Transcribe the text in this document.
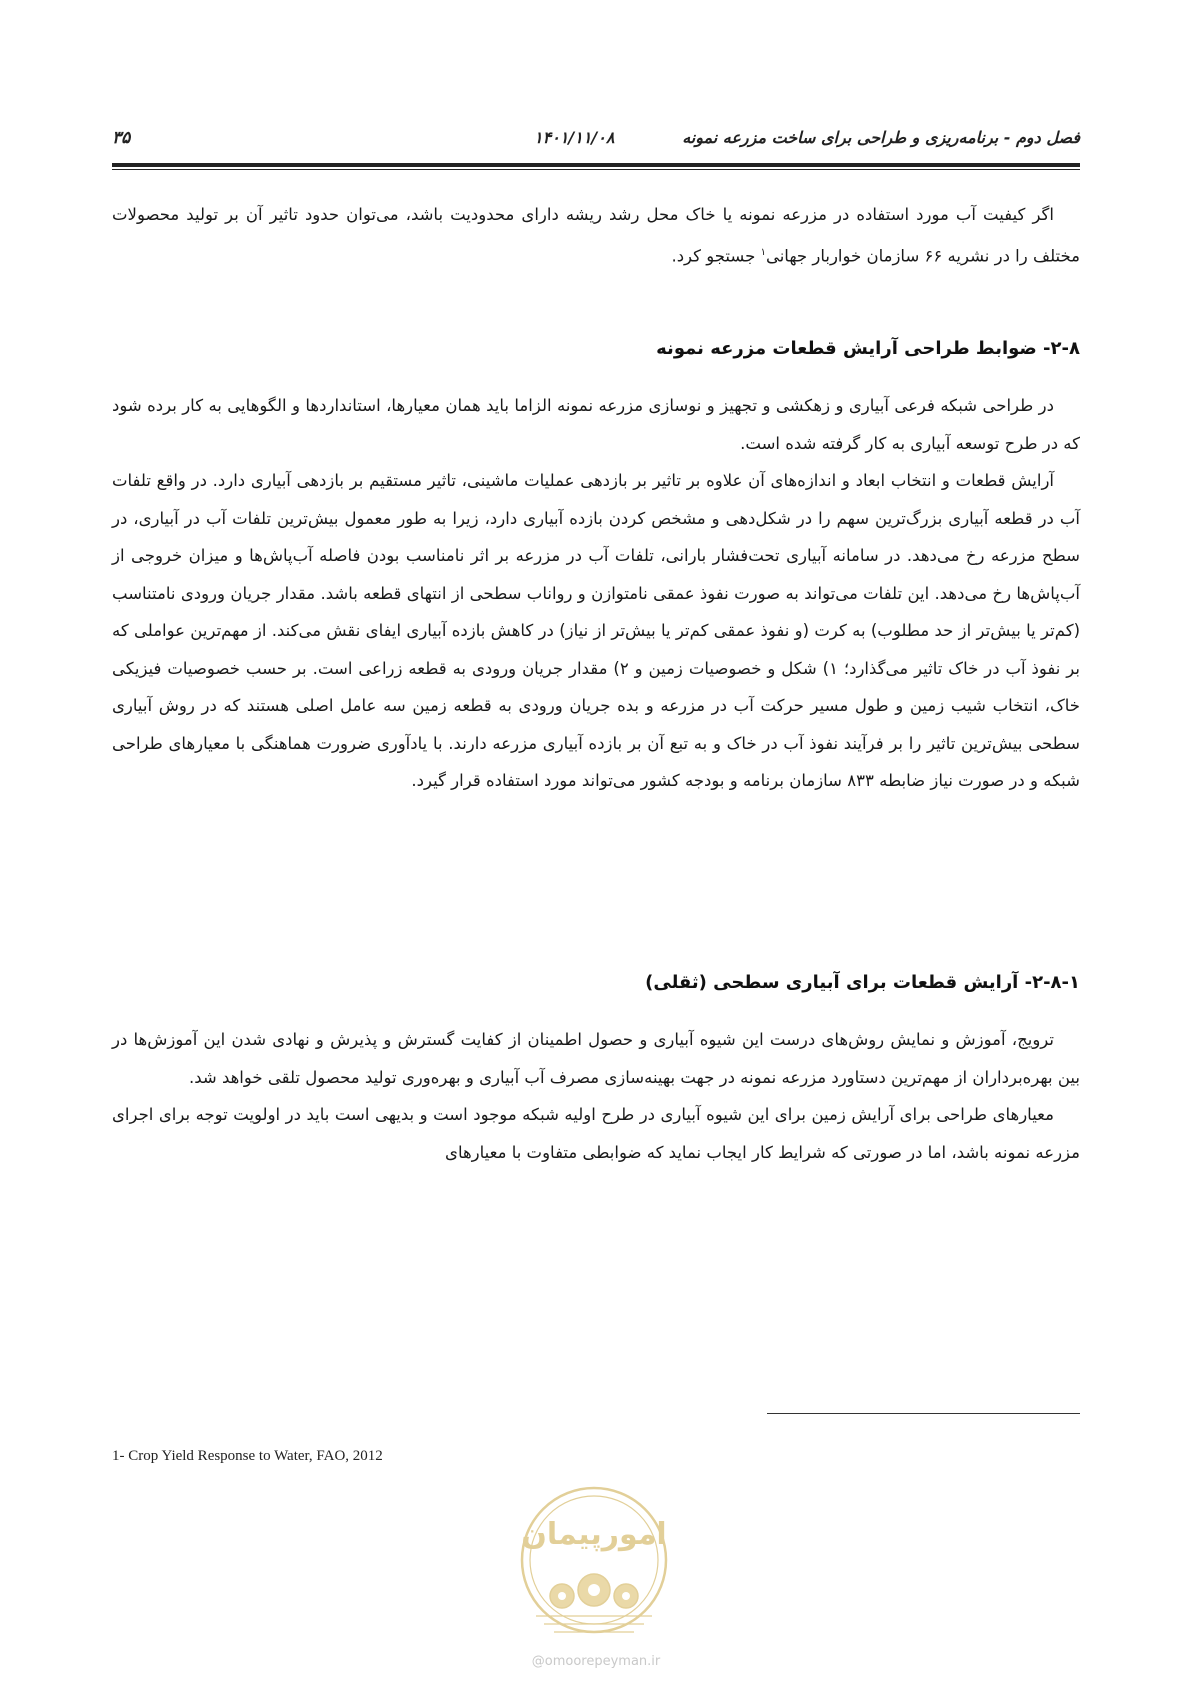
فصل دوم - برنامه‌ریزی و طراحی برای ساخت مزرعه نمونه
۱۴۰۱/۱۱/۰۸
۳۵

اگر کیفیت آب مورد استفاده در مزرعه نمونه یا خاک محل رشد ریشه دارای محدودیت باشد، می‌توان حدود تاثیر آن بر تولید محصولات مختلف را در نشریه ۶۶ سازمان خواربار جهانی$^۱$ جستجو کرد.

۲-۸- ضوابط طراحی آرایش قطعات مزرعه نمونه

در طراحی شبکه فرعی آبیاری و زهکشی و تجهیز و نوسازی مزرعه نمونه الزاما باید همان معیارها، استانداردها و الگوهایی به کار برده شود که در طرح توسعه آبیاری به کار گرفته شده است.

آرایش قطعات و انتخاب ابعاد و اندازه‌های آن علاوه بر تاثیر بر بازدهی عملیات ماشینی، تاثیر مستقیم بر بازدهی آبیاری دارد. در واقع تلفات آب در قطعه آبیاری بزرگ‌ترین سهم را در شکل‌دهی و مشخص کردن بازده آبیاری دارد، زیرا به طور معمول بیش‌ترین تلفات آب در آبیاری، در سطح مزرعه رخ می‌دهد. در سامانه آبیاری تحت‌فشار بارانی، تلفات آب در مزرعه بر اثر نامناسب بودن فاصله آب‌پاش‌ها و میزان خروجی از آب‌پاش‌ها رخ می‌دهد. این تلفات می‌تواند به صورت نفوذ عمقی نامتوازن و رواناب سطحی از انتهای قطعه باشد. مقدار جریان ورودی نامتناسب (کم‌تر یا بیش‌تر از حد مطلوب) به کرت (و نفوذ عمقی کم‌تر یا بیش‌تر از نیاز) در کاهش بازده آبیاری ایفای نقش می‌کند. از مهم‌ترین عواملی که بر نفوذ آب در خاک تاثیر می‌گذارد؛ ۱) شکل و خصوصیات زمین و ۲) مقدار جریان ورودی به قطعه زراعی است. بر حسب خصوصیات فیزیکی خاک، انتخاب شیب زمین و طول مسیر حرکت آب در مزرعه و بده جریان ورودی به قطعه زمین سه عامل اصلی هستند که در روش آبیاری سطحی بیش‌ترین تاثیر را بر فرآیند نفوذ آب در خاک و به تبع آن بر بازده آبیاری مزرعه دارند. با یادآوری ضرورت هماهنگی با معیارهای طراحی شبکه و در صورت نیاز ضابطه ۸۳۳ سازمان برنامه و بودجه کشور می‌تواند مورد استفاده قرار گیرد.

۲-۸-۱- آرایش قطعات برای آبیاری سطحی (ثقلی)

ترویج، آموزش و نمایش روش‌های درست این شیوه آبیاری و حصول اطمینان از کفایت گسترش و پذیرش و نهادی شدن این آموزش‌ها در بین بهره‌برداران از مهم‌ترین دستاورد مزرعه نمونه در جهت بهینه‌سازی مصرف آب آبیاری و بهره‌وری تولید محصول تلقی خواهد شد.

معیارهای طراحی برای آرایش زمین برای این شیوه آبیاری در طرح اولیه شبکه موجود است و بدیهی است باید در اولویت توجه برای اجرای مزرعه نمونه باشد، اما در صورتی که شرایط کار ایجاب نماید که ضوابطی متفاوت با معیارهای

1- Crop Yield Response to Water, FAO, 2012
امورپیمان
@omoorepeyman.ir
